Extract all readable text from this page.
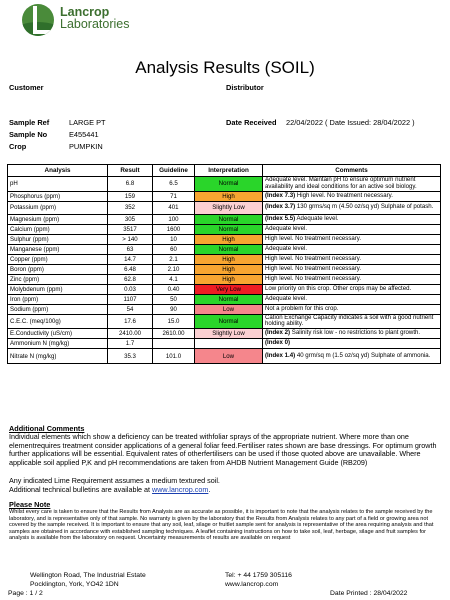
Lancrop
Laboratories
Analysis Results (SOIL)
Customer	Distributor
Sample Ref	LARGE PT
Sample No	E455441
Crop	PUMPKIN
Date Received 22/04/2022 ( Date Issued: 28/04/2022 )
Analysis	Result	Guideline	Interpretation	Comments
pH	6.8	6.5	Normal	Adequate level. Maintain pH to ensure optimum nutrient availability and ideal conditions for an active soil biology.
Phosphorus (ppm)	159	71	High	(Index 7.3) High level. No treatment necessary.
Potassium (ppm)	352	401	Slightly Low	(Index 3.7) 130 grms/sq m (4.50 oz/sq yd) Sulphate of potash.
Magnesium (ppm)	305	100	Normal	(Index 5.5) Adequate level.
Calcium (ppm)	3517	1600	Normal	Adequate level.
Sulphur (ppm)	> 140	10	High	High level. No treatment necessary.
Manganese (ppm)	63	60	Normal	Adequate level.
Copper (ppm)	14.7	2.1	High	High level. No treatment necessary.
Boron (ppm)	6.48	2.10	High	High level. No treatment necessary.
Zinc (ppm)	62.8	4.1	High	High level. No treatment necessary.
Molybdenum (ppm)	0.03	0.40	Very Low	Low priority on this crop. Other crops may be affected.
Iron (ppm)	1107	50	Normal	Adequate level.
Sodium (ppm)	54	90	Low	Not a problem for this crop.
C.E.C. (meq/100g)	17.6	15.0	Normal	Cation Exchange Capacity indicates a soil with a good nutrient holding ability.
E.Conductivity (uS/cm)	2410.00	2610.00	Slightly Low	(Index 2) Salinity risk low - no restrictions to plant growth.
Ammonium N (mg/kg)	1.7			(Index 0)
Nitrate N (mg/kg)	35.3	101.0	Low	(Index 1.4) 40 grm/sq m (1.5 oz/sq yd) Sulphate of ammonia.
Additional Comments
Individual elements which show a deficiency can be treated withfoliar sprays of the appropriate nutrient. Where more than one elementrequires treatment consider applications of a general foliar feed.Fertiliser rates shown are base dressings. For optimum growth further applications will be essential. Equivalent rates of otherfertilisers can be used if those quoted above are unavailable. Where applicable soil applied P,K and pH recommendations are taken from AHDB Nutrient Management Guide (RB209)
Any indicated Lime Requirement assumes a medium textured soil.
Additional technical bulletins are available at www.lancrop.com.
Please Note
Whilst every care is taken to ensure that the Results from Analysis are as accurate as possible, it is important to note that the analysis relates to the sample received by the laboratory, and is representative only of that sample. No warranty is given by the laboratory that the Results from Analysis relates to any part of a field or growing area not covered by the sample received. It is important to ensure that any soil, leaf, silage or fruitlet sample sent for analysis is representative of the area requiring analysis and that samples are obtained in accordance with established sampling techniques. A leaflet containing instructions on how to take soil, leaf, herbage, silage and fruit samples for analysis is available from the laboratory on request. Uncertainty measurements of results are available on request
Wellington Road, The Industrial Estate
Pocklington, York, YO42 1DN
Tel: + 44 1759 305116
www.lancrop.com
Page : 1 / 2	Date Printed : 28/04/2022
